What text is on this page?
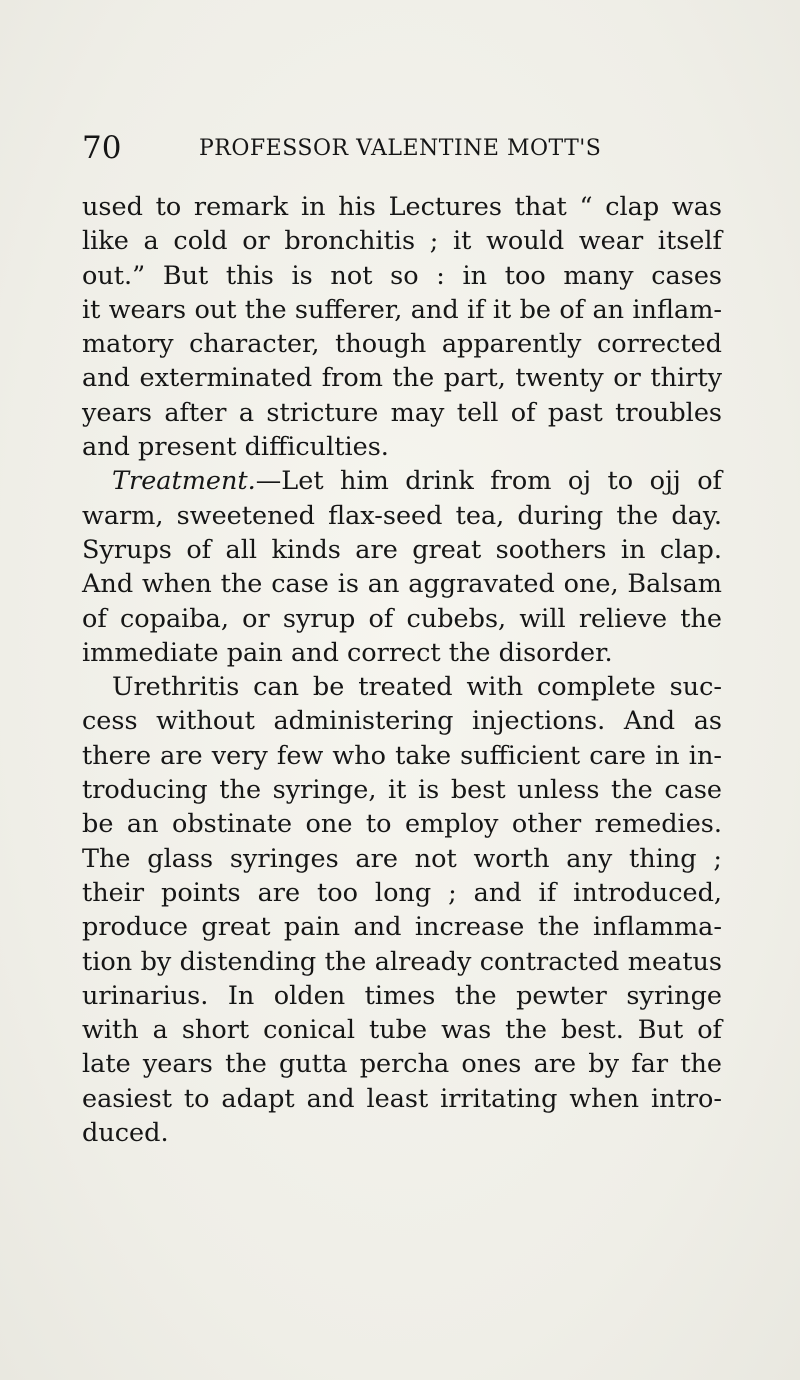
70	PROFESSOR VALENTINE MOTT'S
used to remark in his Lectures that “ clap was
like a cold or bronchitis ; it would wear itself
out.” But this is not so : in too many cases
it wears out the sufferer, and if it be of an inflam-
matory character, though apparently corrected
and exterminated from the part, twenty or thirty
years after a stricture may tell of past troubles
and present difficulties.
Treatment.—Let him drink from oj to ojj of
warm, sweetened flax-seed tea, during the day.
Syrups of all kinds are great soothers in clap.
And when the case is an aggravated one, Balsam
of copaiba, or syrup of cubebs, will relieve the
immediate pain and correct the disorder.
Urethritis can be treated with complete suc-
cess without administering injections. And as
there are very few who take sufficient care in in-
troducing the syringe, it is best unless the case
be an obstinate one to employ other remedies.
The glass syringes are not worth any thing ;
their points are too long ; and if introduced,
produce great pain and increase the inflamma-
tion by distending the already contracted meatus
urinarius. In olden times the pewter syringe
with a short conical tube was the best. But of
late years the gutta percha ones are by far the
easiest to adapt and least irritating when intro-
duced.
